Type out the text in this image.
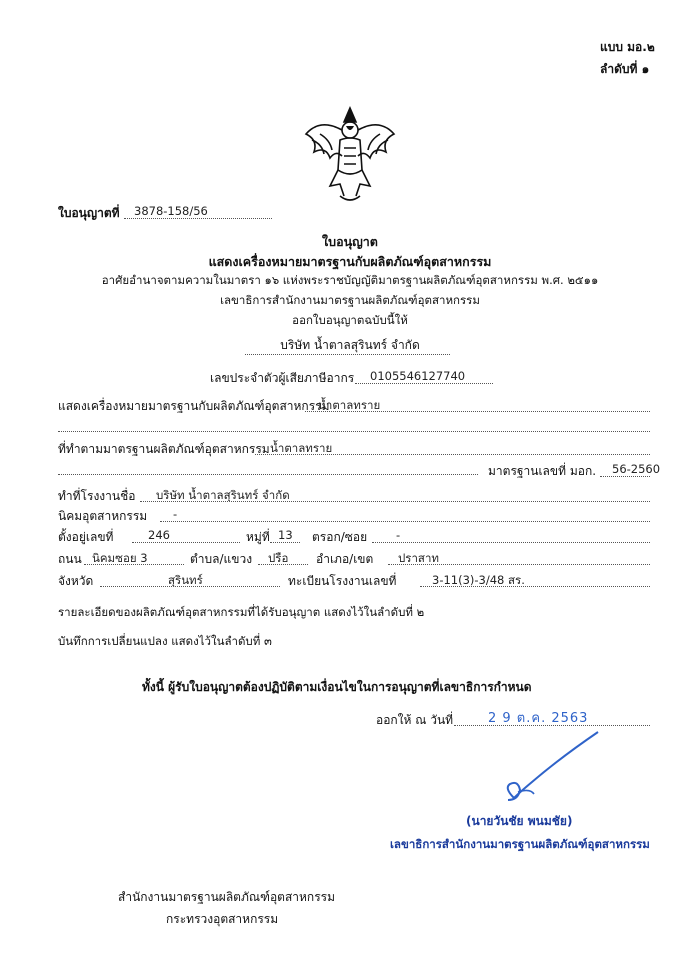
แบบ มอ.๒
ลำดับที่ ๑
ใบอนุญาตที่ 3878-158/56
ใบอนุญาต
แสดงเครื่องหมายมาตรฐานกับผลิตภัณฑ์อุตสาหกรรม
อาศัยอำนาจตามความในมาตรา ๑๖ แห่งพระราชบัญญัติมาตรฐานผลิตภัณฑ์อุตสาหกรรม พ.ศ. ๒๕๑๑
เลขาธิการสำนักงานมาตรฐานผลิตภัณฑ์อุตสาหกรรม
ออกใบอนุญาตฉบับนี้ให้
บริษัท น้ำตาลสุรินทร์ จำกัด
เลขประจำตัวผู้เสียภาษีอากร 0105546127740
แสดงเครื่องหมายมาตรฐานกับผลิตภัณฑ์อุตสาหกรรม
น้ำตาลทราย
ที่ทำตามมาตรฐานผลิตภัณฑ์อุตสาหกรรม น้ำตาลทราย
มาตรฐานเลขที่ มอก. 56-2560
ทำที่โรงงานชื่อ บริษัท น้ำตาลสุรินทร์ จำกัด
นิคมอุตสาหกรรม -
ตั้งอยู่เลขที่	246	หมู่ที่ 13 ตรอก/ซอย	-
ถนน นิคมซอย 3	ตำบล/แขวง ปรือ อำเภอ/เขต ปราสาท
จังหวัด	สุรินทร์	ทะเบียนโรงงานเลขที่	3-11(3)-3/48 สร.
รายละเอียดของผลิตภัณฑ์อุตสาหกรรมที่ได้รับอนุญาต แสดงไว้ในลำดับที่ ๒
บันทึกการเปลี่ยนแปลง แสดงไว้ในลำดับที่ ๓
ทั้งนี้ ผู้รับใบอนุญาตต้องปฏิบัติตามเงื่อนไขในการอนุญาตที่เลขาธิการกำหนด
ออกให้ ณ วันที่	2 9 ต.ค. 2563
(นายวันชัย พนมชัย)
เลขาธิการสำนักงานมาตรฐานผลิตภัณฑ์อุตสาหกรรม
สำนักงานมาตรฐานผลิตภัณฑ์อุตสาหกรรม
กระทรวงอุตสาหกรรม
